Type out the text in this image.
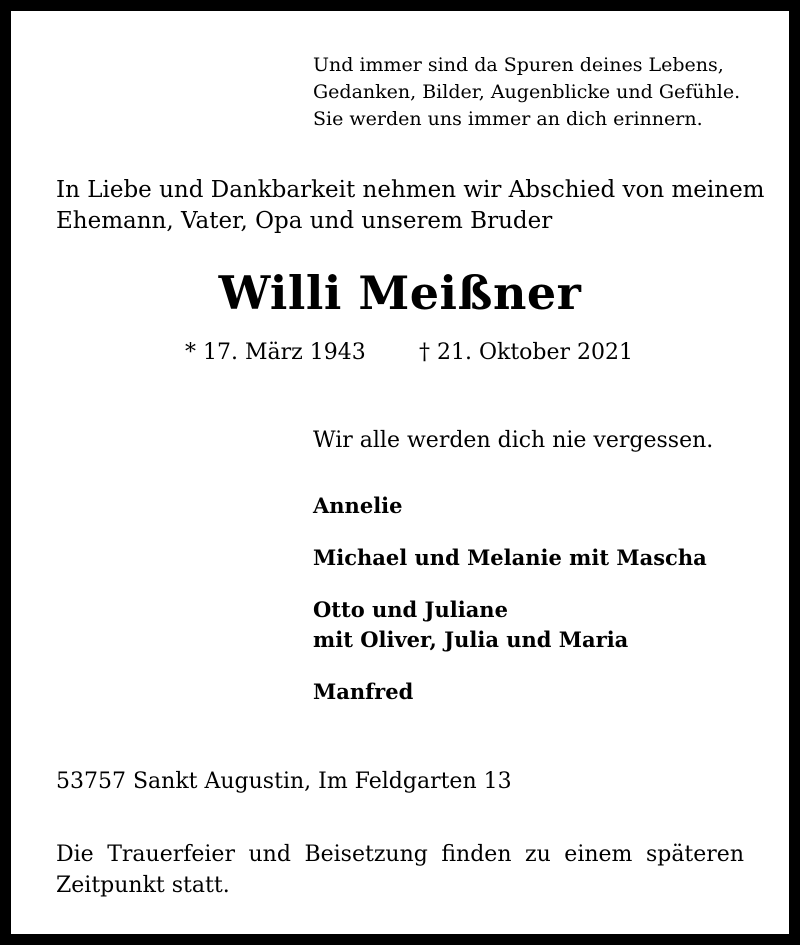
Und immer sind da Spuren deines Lebens,
Gedanken, Bilder, Augenblicke und Gefühle.
Sie werden uns immer an dich erinnern.
In Liebe und Dankbarkeit nehmen wir Abschied von meinem
Ehemann, Vater, Opa und unserem Bruder
Willi Meißner
* 17. März 1943 † 21. Oktober 2021
Wir alle werden dich nie vergessen.
Annelie
Michael und Melanie mit Mascha
Otto und Juliane
mit Oliver, Julia und Maria
Manfred
53757 Sankt Augustin, Im Feldgarten 13
Die Trauerfeier und Beisetzung finden zu einem späteren Zeitpunkt statt.
